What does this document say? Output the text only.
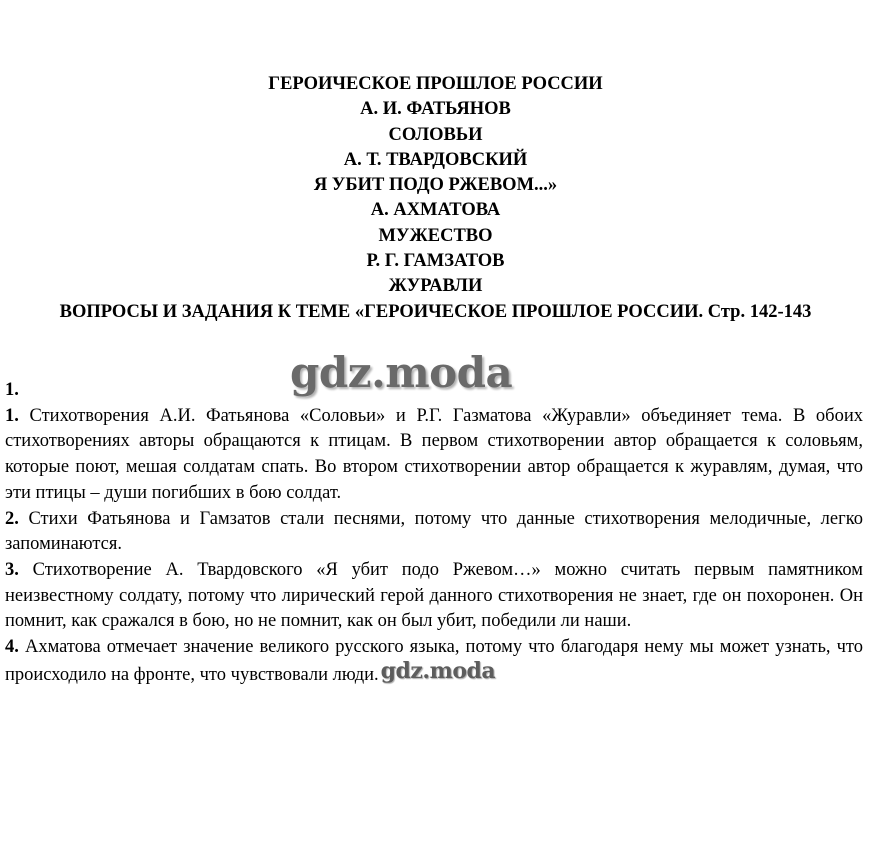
ГЕРОИЧЕСКОЕ ПРОШЛОЕ РОССИИ
А. И. ФАТЬЯНОВ
СОЛОВЬИ
А. Т. ТВАРДОВСКИЙ
Я УБИТ ПОДО РЖЕВОМ...»
А. АХМАТОВА
МУЖЕСТВО
Р. Г. ГАМЗАТОВ
ЖУРАВЛИ
ВОПРОСЫ И ЗАДАНИЯ К ТЕМЕ «ГЕРОИЧЕСКОЕ ПРОШЛОЕ РОССИИ. Стр. 142-143
gdz.moda

1.

1. Стихотворения А.И. Фатьянова «Соловьи» и Р.Г. Газматова «Журавли» объединяет тема. В обоих стихотворениях авторы обращаются к птицам. В первом стихотворении автор обращается к соловьям, которые поют, мешая солдатам спать. Во втором стихотворении автор обращается к журавлям, думая, что эти птицы – души погибших в бою солдат.

2. Стихи Фатьянова и Гамзатов стали песнями, потому что данные стихотворения мелодичные, легко запоминаются.

3. Стихотворение А. Твардовского «Я убит подо Ржевом…» можно считать первым памятником неизвестному солдату, потому что лирический герой данного стихотворения не знает, где он похоронен. Он помнит, как сражался в бою, но не помнит, как он был убит, победили ли наши.

4. Ахматова отмечает значение великого русского языка, потому что благодаря нему мы может узнать, что происходило на фронте, что чувствовали люди.gdz.moda
